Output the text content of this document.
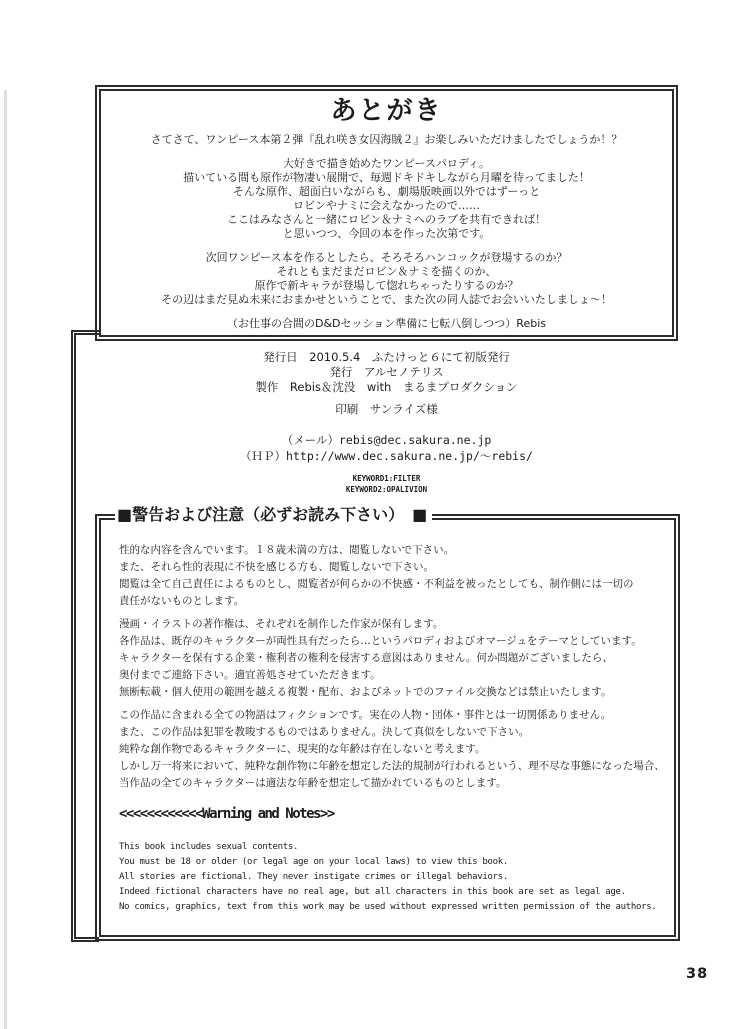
あとがき
さてさて、ワンピース本第２弾『乱れ咲き女囚海賊２』お楽しみいただけましたでしょうか！？
大好きで描き始めたワンピースパロディ。
描いている間も原作が物凄い展開で、毎週ドキドキしながら月曜を待ってました！
そんな原作、超面白いながらも、劇場版映画以外ではずーっと
ロビンやナミに会えなかったので……
ここはみなさんと一緒にロビン＆ナミへのラブを共有できれば！
と思いつつ、今回の本を作った次第です。
次回ワンピース本を作るとしたら、そろそろハンコックが登場するのか？
それともまだまだロビン＆ナミを描くのか、
原作で新キャラが登場して惚れちゃったりするのか？
その辺はまだ見ぬ未来におまかせということで、また次の同人誌でお会いいたしましょ～！
（お仕事の合間のD&Dセッション準備に七転八倒しつつ）Rebis
発行日　2010.5.4　ふたけっと６にて初版発行
発行　アルセノテリス
製作　Rebis＆沈没　with　まるまプロダクション
印刷　サンライズ様
（メール）rebis@dec.sakura.ne.jp
（ＨＰ）http://www.dec.sakura.ne.jp/～rebis/
KEYWORD1:FILTER
KEYWORD2:OPALIVION
■警告および注意（必ずお読み下さい）　■
性的な内容を含んでいます。１８歳未満の方は、閲覧しないで下さい。
また、それら性的表現に不快を感じる方も、閲覧しないで下さい。
閲覧は全て自己責任によるものとし、閲覧者が何らかの不快感・不利益を被ったとしても、制作側には一切の
責任がないものとします。
漫画・イラストの著作権は、それぞれを制作した作家が保有します。
各作品は、既存のキャラクターが両性具有だったら…というパロディおよびオマージュをテーマとしています。
キャラクターを保有する企業・権利者の権利を侵害する意図はありません。何か問題がございましたら、
奥付までご連絡下さい。適宜善処させていただきます。
無断転載・個人使用の範囲を越える複製・配布、およびネットでのファイル交換などは禁止いたします。
この作品に含まれる全ての物語はフィクションです。実在の人物・団体・事件とは一切関係ありません。
また、この作品は犯罪を教唆するものではありません。決して真似をしないで下さい。
純粋な創作物であるキャラクターに、現実的な年齢は存在しないと考えます。
しかし万一将来において、純粋な創作物に年齢を想定した法的規制が行われるという、理不尽な事態になった場合、
当作品の全てのキャラクターは適法な年齢を想定して描かれているものとします。
<<<<<<<<<<<<Warning and Notes>>
This book includes sexual contents.
You must be 18 or older (or legal age on your local laws) to view this book.
All stories are fictional. They never instigate crimes or illegal behaviors.
Indeed fictional characters have no real age, but all characters in this book are set as legal age.
No comics, graphics, text from this work may be used without expressed written permission of the authors.
38
